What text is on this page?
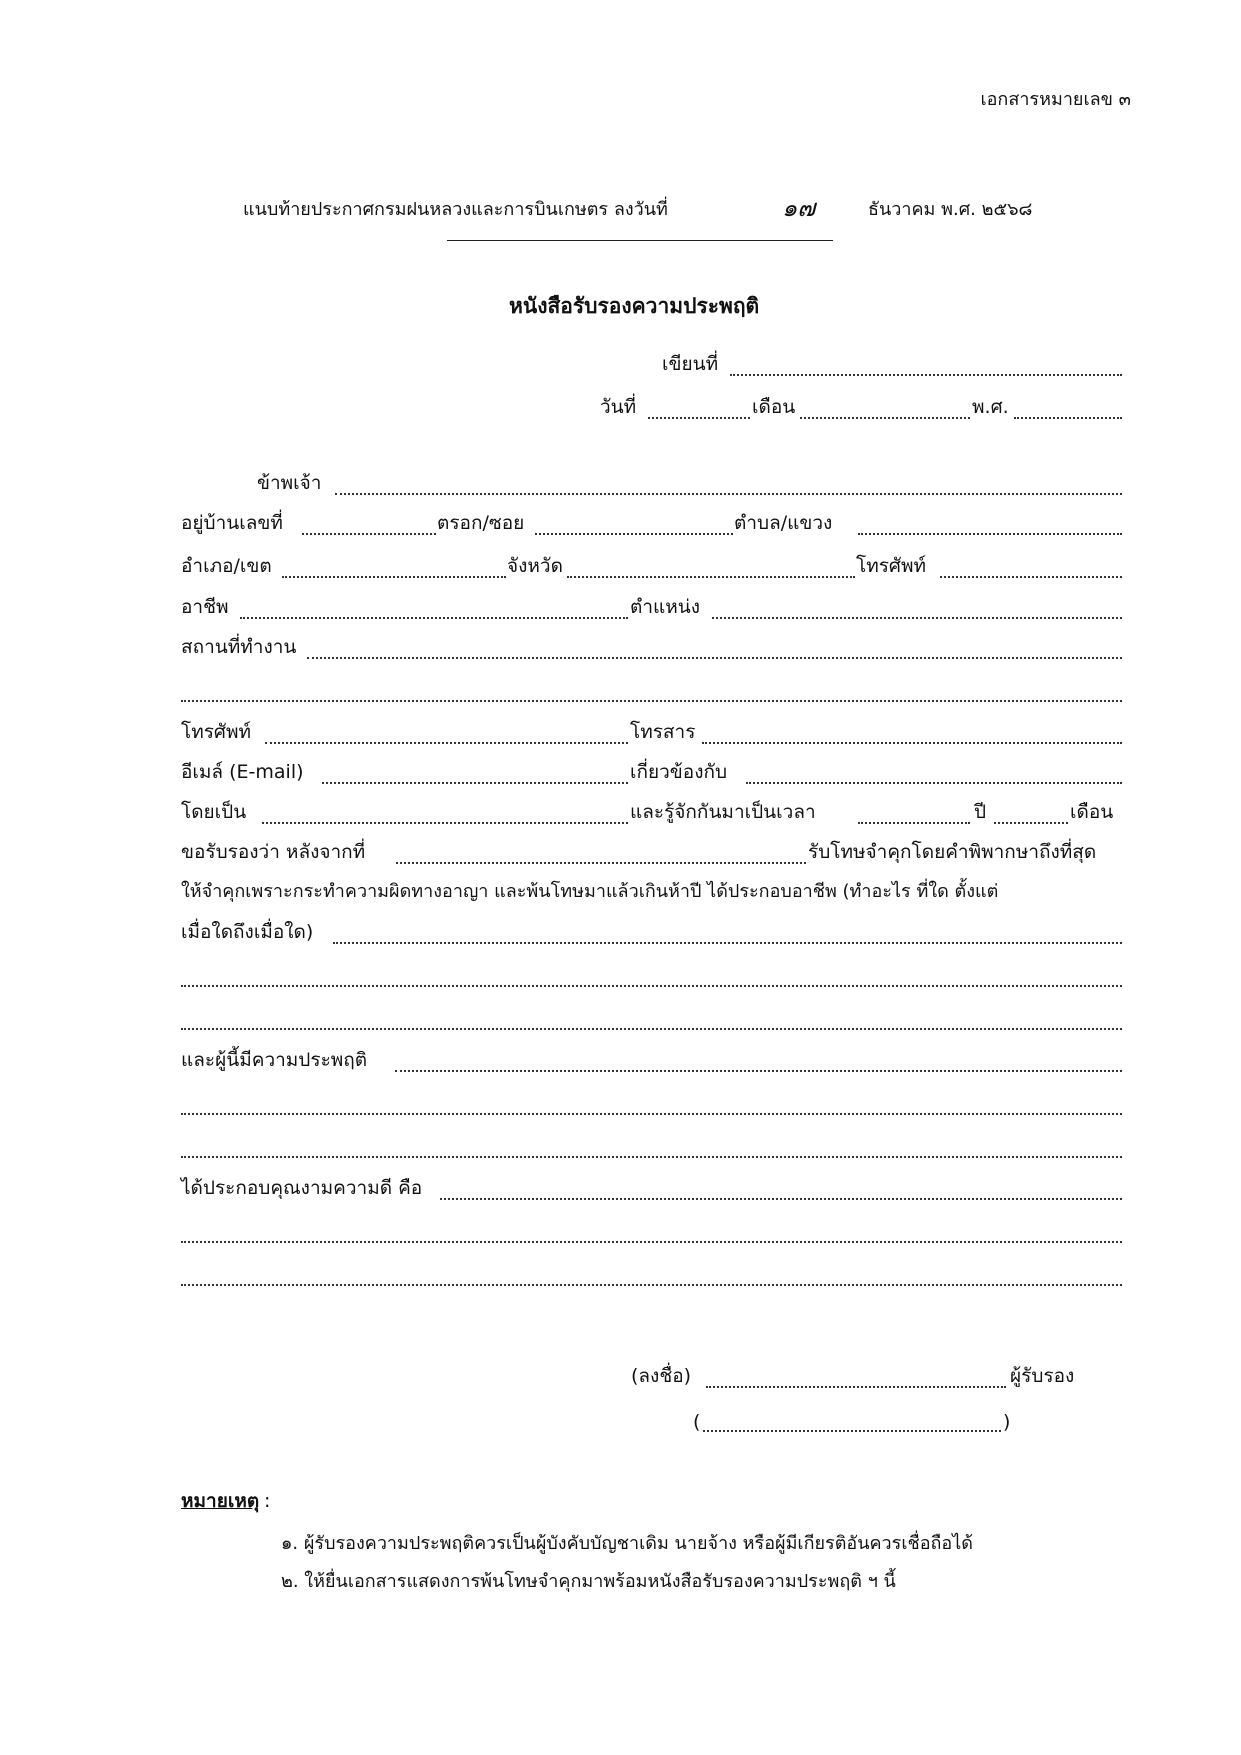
เอกสารหมายเลข ๓
แนบท้ายประกาศกรมฝนหลวงและการบินเกษตร ลงวันที่	๑๗	ธันวาคม พ.ศ. ๒๕๖๘
หนังสือรับรองความประพฤติ
เขียนที่
วันที่	เดือน	พ.ศ.
ข้าพเจ้า
อยู่บ้านเลขที่	ตรอก/ซอย	ตำบล/แขวง
อำเภอ/เขต	จังหวัด	โทรศัพท์
อาชีพ	ตำแหน่ง
สถานที่ทำงาน
โทรศัพท์	โทรสาร
อีเมล์ (E-mail)	เกี่ยวข้องกับ
โดยเป็น	และรู้จักกันมาเป็นเวลา	ปี	เดือน
ขอรับรองว่า หลังจากที่	รับโทษจำคุกโดยคำพิพากษาถึงที่สุด
ให้จำคุกเพราะกระทำความผิดทางอาญา และพ้นโทษมาแล้วเกินห้าปี ได้ประกอบอาชีพ (ทำอะไร ที่ใด ตั้งแต่
เมื่อใดถึงเมื่อใด)
และผู้นี้มีความประพฤติ
ได้ประกอบคุณงามความดี คือ
(ลงชื่อ)	ผู้รับรอง
(	)
หมายเหตุ :
๑. ผู้รับรองความประพฤติควรเป็นผู้บังคับบัญชาเดิม นายจ้าง หรือผู้มีเกียรติอันควรเชื่อถือได้
๒. ให้ยื่นเอกสารแสดงการพ้นโทษจำคุกมาพร้อมหนังสือรับรองความประพฤติ ฯ นี้
